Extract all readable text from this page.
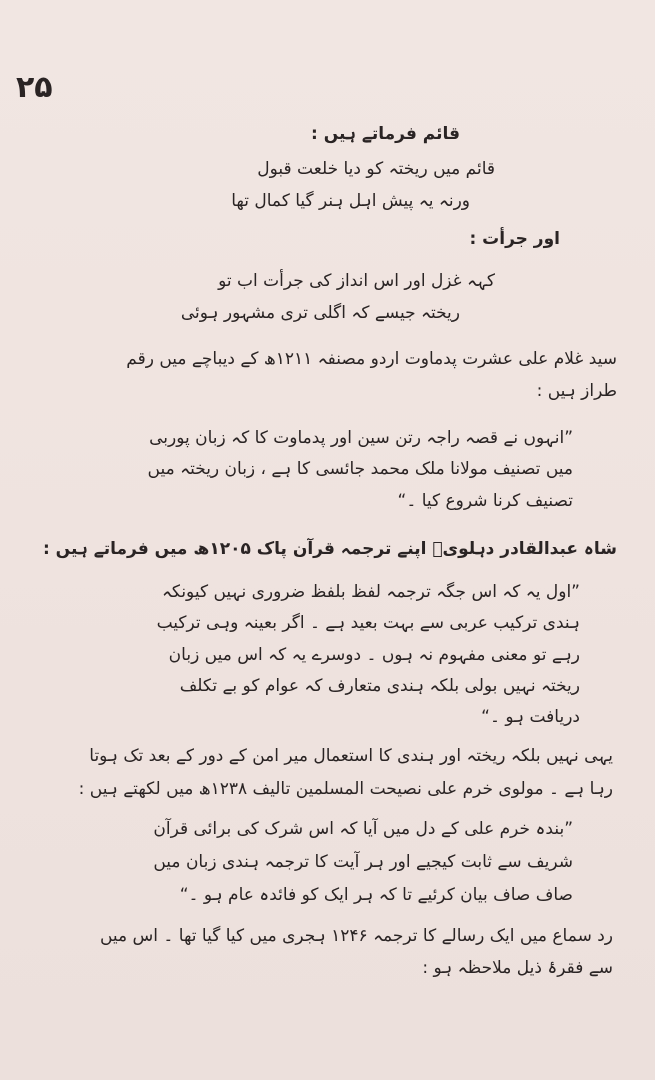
۲۵
قائم فرماتے ہیں :
قائم میں ریختہ کو دیا خلعت قبول
ورنہ یہ پیش اہل ہنر گیا کمال تھا
اور جرأت :
کہہ غزل اور اس انداز کی جرأت اب تو
ریختہ جیسے کہ اگلی تری مشہور ہوئی
سید غلام علی عشرت پدماوت اردو مصنفہ ۱۲۱۱ھ کے دیباچے میں رقم
طراز ہیں :
”انہوں نے قصہ راجہ رتن سین اور پدماوت کا کہ زبان پوربی
میں تصنیف مولانا ملک محمد جائسی کا ہے ، زبان ریختہ میں
تصنیف کرنا شروع کیا ۔“
شاہ عبدالقادر دہلویؒ اپنے ترجمہ قرآن پاک ۱۲۰۵ھ میں فرماتے ہیں :
”اول یہ کہ اس جگہ ترجمہ لفظ بلفظ ضروری نہیں کیونکہ
ہندی ترکیب عربی سے بہت بعید ہے ۔ اگر بعینہ وہی ترکیب
رہے تو معنی مفہوم نہ ہوں ۔ دوسرے یہ کہ اس میں زبان
ریختہ نہیں بولی بلکہ ہندی متعارف کہ عوام کو بے تکلف
دریافت ہو ۔“
یہی نہیں بلکہ ریختہ اور ہندی کا استعمال میر امن کے دور کے بعد تک ہوتا
رہا ہے ۔ مولوی خرم علی نصیحت المسلمین تالیف ۱۲۳۸ھ میں لکھتے ہیں :
”بندہ خرم علی کے دل میں آیا کہ اس شرک کی برائی قرآن
شریف سے ثابت کیجیے اور ہر آیت کا ترجمہ ہندی زبان میں
صاف صاف بیان کرئیے تا کہ ہر ایک کو فائدہ عام ہو ۔“
رد سماع میں ایک رسالے کا ترجمہ ۱۲۴۶ ہجری میں کیا گیا تھا ۔ اس میں
سے فقرۂ ذیل ملاحظہ ہو :
